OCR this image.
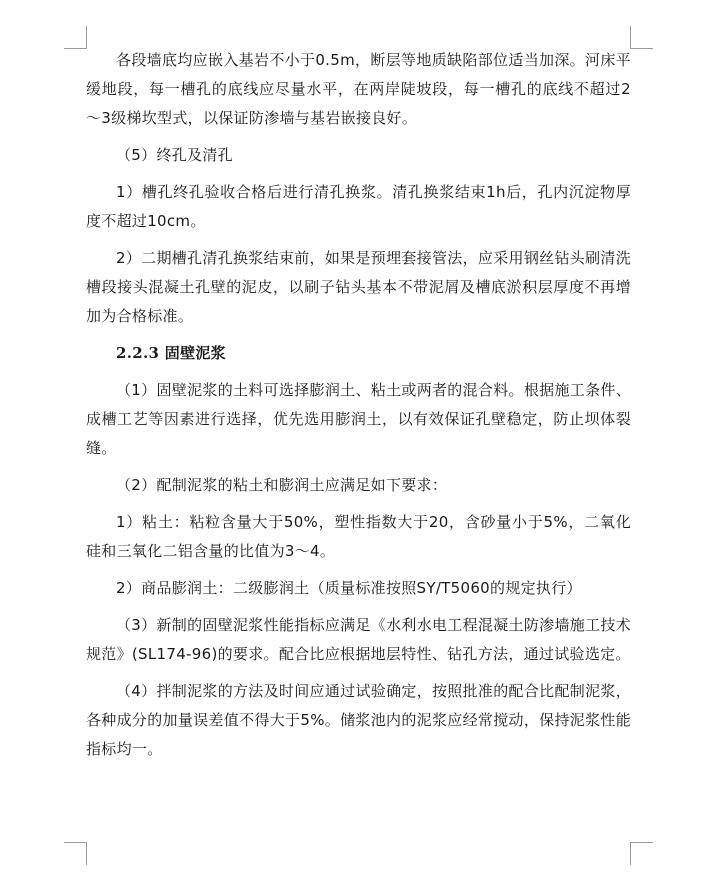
各段墙底均应嵌入基岩不小于0.5m，断层等地质缺陷部位适当加深。河床平缓地段，每一槽孔的底线应尽量水平，在两岸陡坡段，每一槽孔的底线不超过2～3级梯坎型式，以保证防渗墙与基岩嵌接良好。

（5）终孔及清孔

1）槽孔终孔验收合格后进行清孔换浆。清孔换浆结束1h后，孔内沉淀物厚度不超过10cm。

2）二期槽孔清孔换浆结束前，如果是预埋套接管法，应采用钢丝钻头刷清洗槽段接头混凝土孔壁的泥皮，以刷子钻头基本不带泥屑及槽底淤积层厚度不再增加为合格标准。

2.2.3 固壁泥浆

（1）固壁泥浆的土料可选择膨润土、粘土或两者的混合料。根据施工条件、成槽工艺等因素进行选择，优先选用膨润土，以有效保证孔壁稳定，防止坝体裂缝。

（2）配制泥浆的粘土和膨润土应满足如下要求：

1）粘土：粘粒含量大于50%，塑性指数大于20，含砂量小于5%，二氧化硅和三氧化二铝含量的比值为3～4。

2）商品膨润土：二级膨润土（质量标准按照SY/T5060的规定执行）

（3）新制的固壁泥浆性能指标应满足《水利水电工程混凝土防渗墙施工技术规范》(SL174-96)的要求。配合比应根据地层特性、钻孔方法，通过试验选定。

（4）拌制泥浆的方法及时间应通过试验确定，按照批准的配合比配制泥浆，各种成分的加量误差值不得大于5%。储浆池内的泥浆应经常搅动，保持泥浆性能指标均一。
